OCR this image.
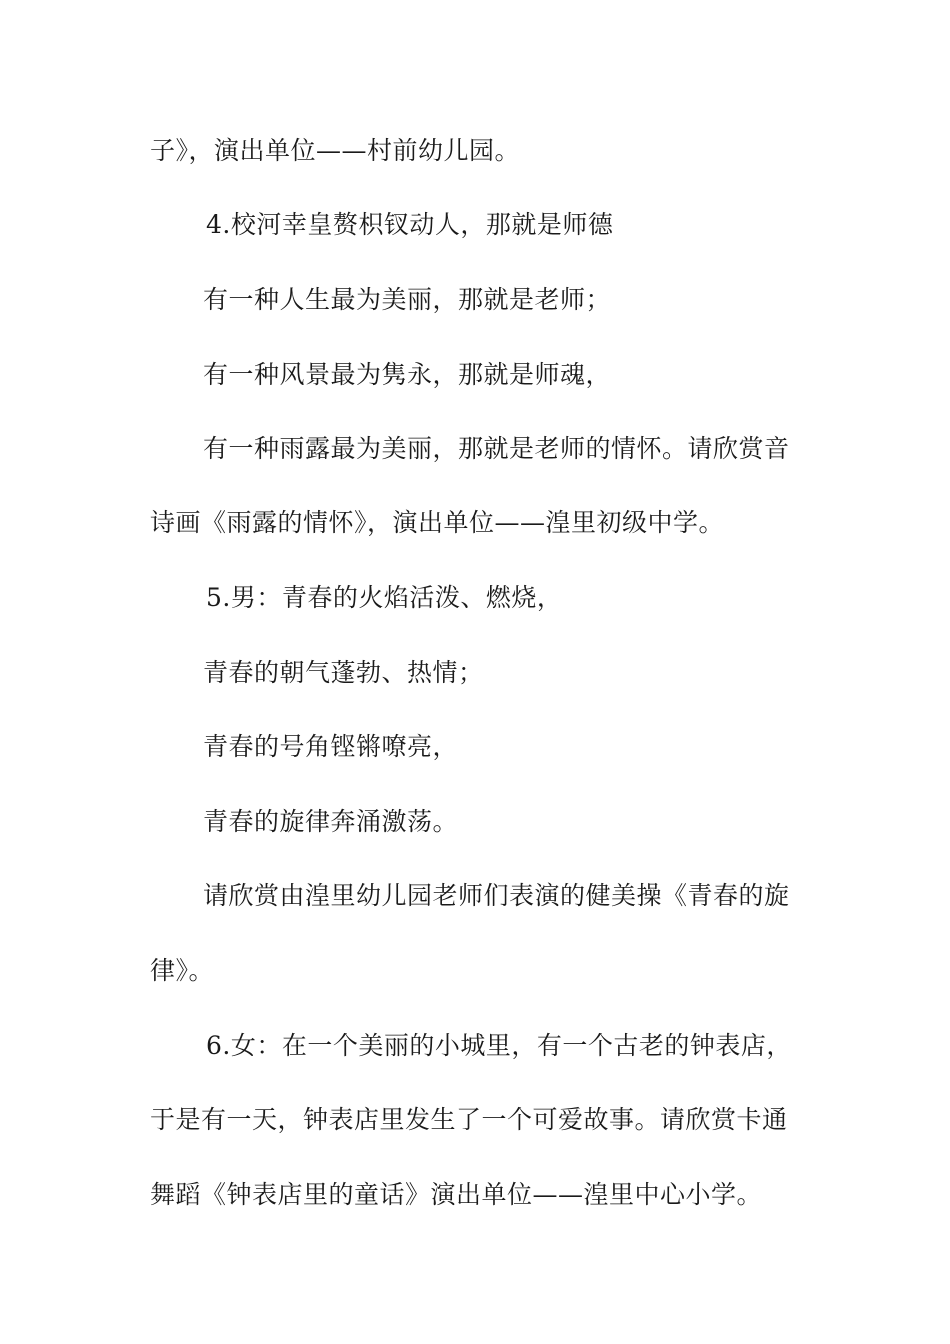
子》，演出单位——村前幼儿园。
4.校河幸皇赘枳钗动人，那就是师德
有一种人生最为美丽，那就是老师；
有一种风景最为隽永，那就是师魂，
有一种雨露最为美丽，那就是老师的情怀。请欣赏音
诗画《雨露的情怀》，演出单位——湟里初级中学。
5.男：青春的火焰活泼、燃烧，
青春的朝气蓬勃、热情；
青春的号角铿锵嘹亮，
青春的旋律奔涌激荡。
请欣赏由湟里幼儿园老师们表演的健美操《青春的旋
律》。
6.女：在一个美丽的小城里，有一个古老的钟表店，
于是有一天，钟表店里发生了一个可爱故事。请欣赏卡通
舞蹈《钟表店里的童话》演出单位——湟里中心小学。
